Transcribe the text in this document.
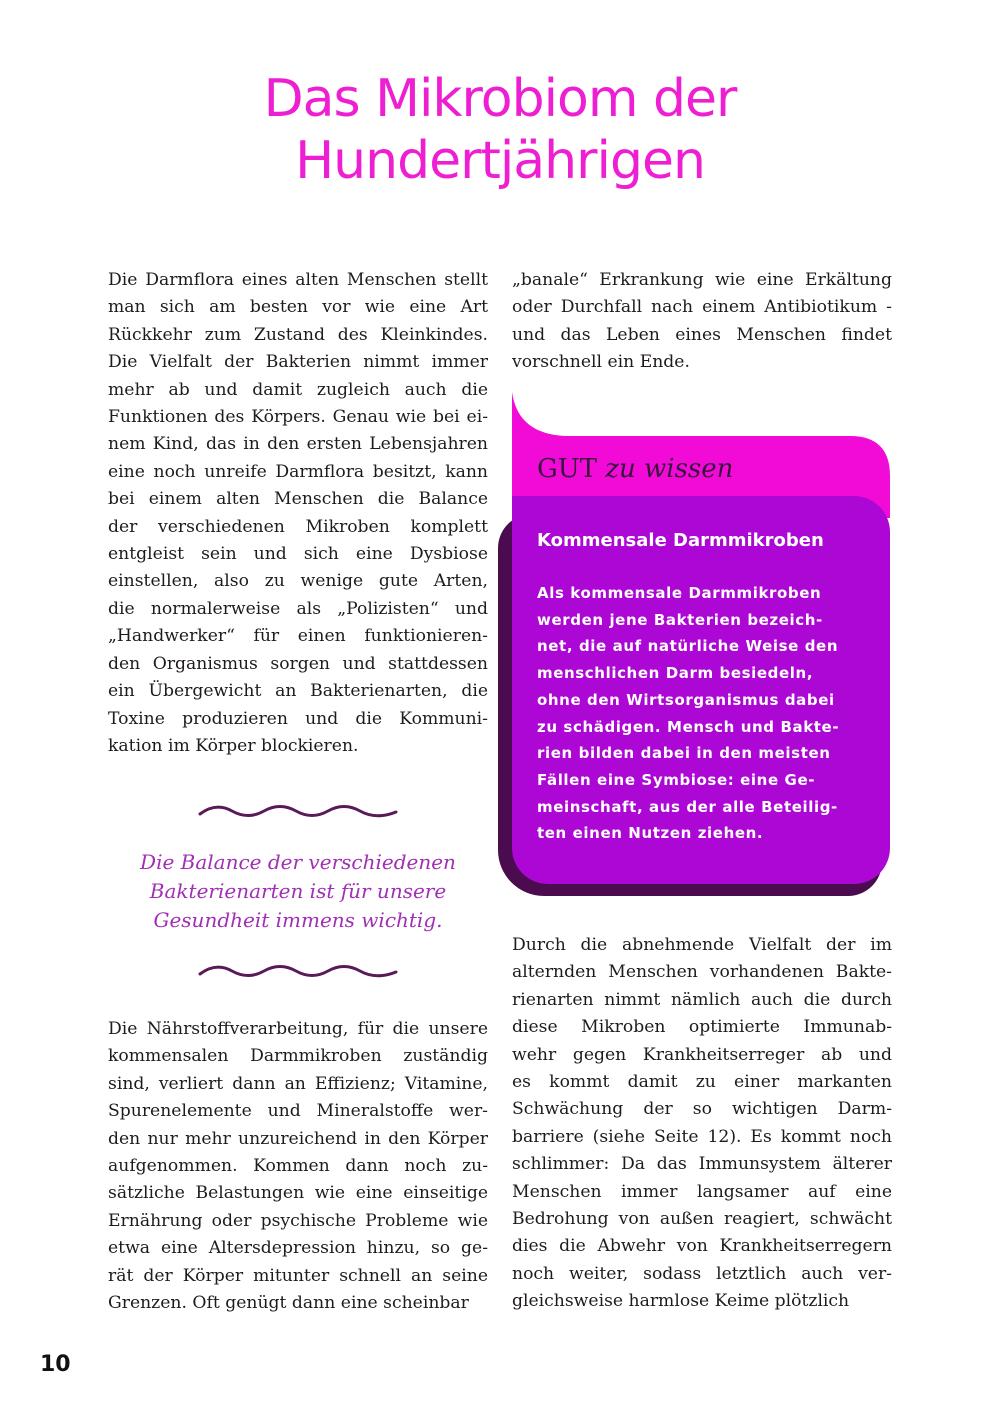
Das Mikrobiom der
Hundertjährigen
Die Darmflora eines alten Menschen stellt
man sich am besten vor wie eine Art
Rückkehr zum Zustand des Kleinkindes.
Die Vielfalt der Bakterien nimmt immer
mehr ab und damit zugleich auch die
Funktionen des Körpers. Genau wie bei ei-
nem Kind, das in den ersten Lebensjahren
eine noch unreife Darmflora besitzt, kann
bei einem alten Menschen die Balance
der verschiedenen Mikroben komplett
entgleist sein und sich eine Dysbiose
einstellen, also zu wenige gute Arten,
die normalerweise als „Polizisten“ und
„Handwerker“ für einen funktionieren-
den Organismus sorgen und stattdessen
ein Übergewicht an Bakterienarten, die
Toxine produzieren und die Kommuni-
kation im Körper blockieren.
Die Balance der verschiedenen
Bakterienarten ist für unsere
Gesundheit immens wichtig.
Die Nährstoffverarbeitung, für die unsere
kommensalen Darmmikroben zuständig
sind, verliert dann an Effizienz; Vitamine,
Spurenelemente und Mineralstoffe wer-
den nur mehr unzureichend in den Körper
aufgenommen. Kommen dann noch zu-
sätzliche Belastungen wie eine einseitige
Ernährung oder psychische Probleme wie
etwa eine Altersdepression hinzu, so ge-
rät der Körper mitunter schnell an seine
Grenzen. Oft genügt dann eine scheinbar
„banale“ Erkrankung wie eine Erkältung
oder Durchfall nach einem Antibiotikum -
und das Leben eines Menschen findet
vorschnell ein Ende.
GUT zu wissen
Kommensale Darmmikroben
Als kommensale Darmmikroben
werden jene Bakterien bezeich-
net, die auf natürliche Weise den
menschlichen Darm besiedeln,
ohne den Wirtsorganismus dabei
zu schädigen. Mensch und Bakte-
rien bilden dabei in den meisten
Fällen eine Symbiose: eine Ge-
meinschaft, aus der alle Beteilig-
ten einen Nutzen ziehen.
Durch die abnehmende Vielfalt der im
alternden Menschen vorhandenen Bakte-
rienarten nimmt nämlich auch die durch
diese Mikroben optimierte Immunab-
wehr gegen Krankheitserreger ab und
es kommt damit zu einer markanten
Schwächung der so wichtigen Darm-
barriere (siehe Seite 12). Es kommt noch
schlimmer: Da das Immunsystem älterer
Menschen immer langsamer auf eine
Bedrohung von außen reagiert, schwächt
dies die Abwehr von Krankheitserregern
noch weiter, sodass letztlich auch ver-
gleichsweise harmlose Keime plötzlich
10
